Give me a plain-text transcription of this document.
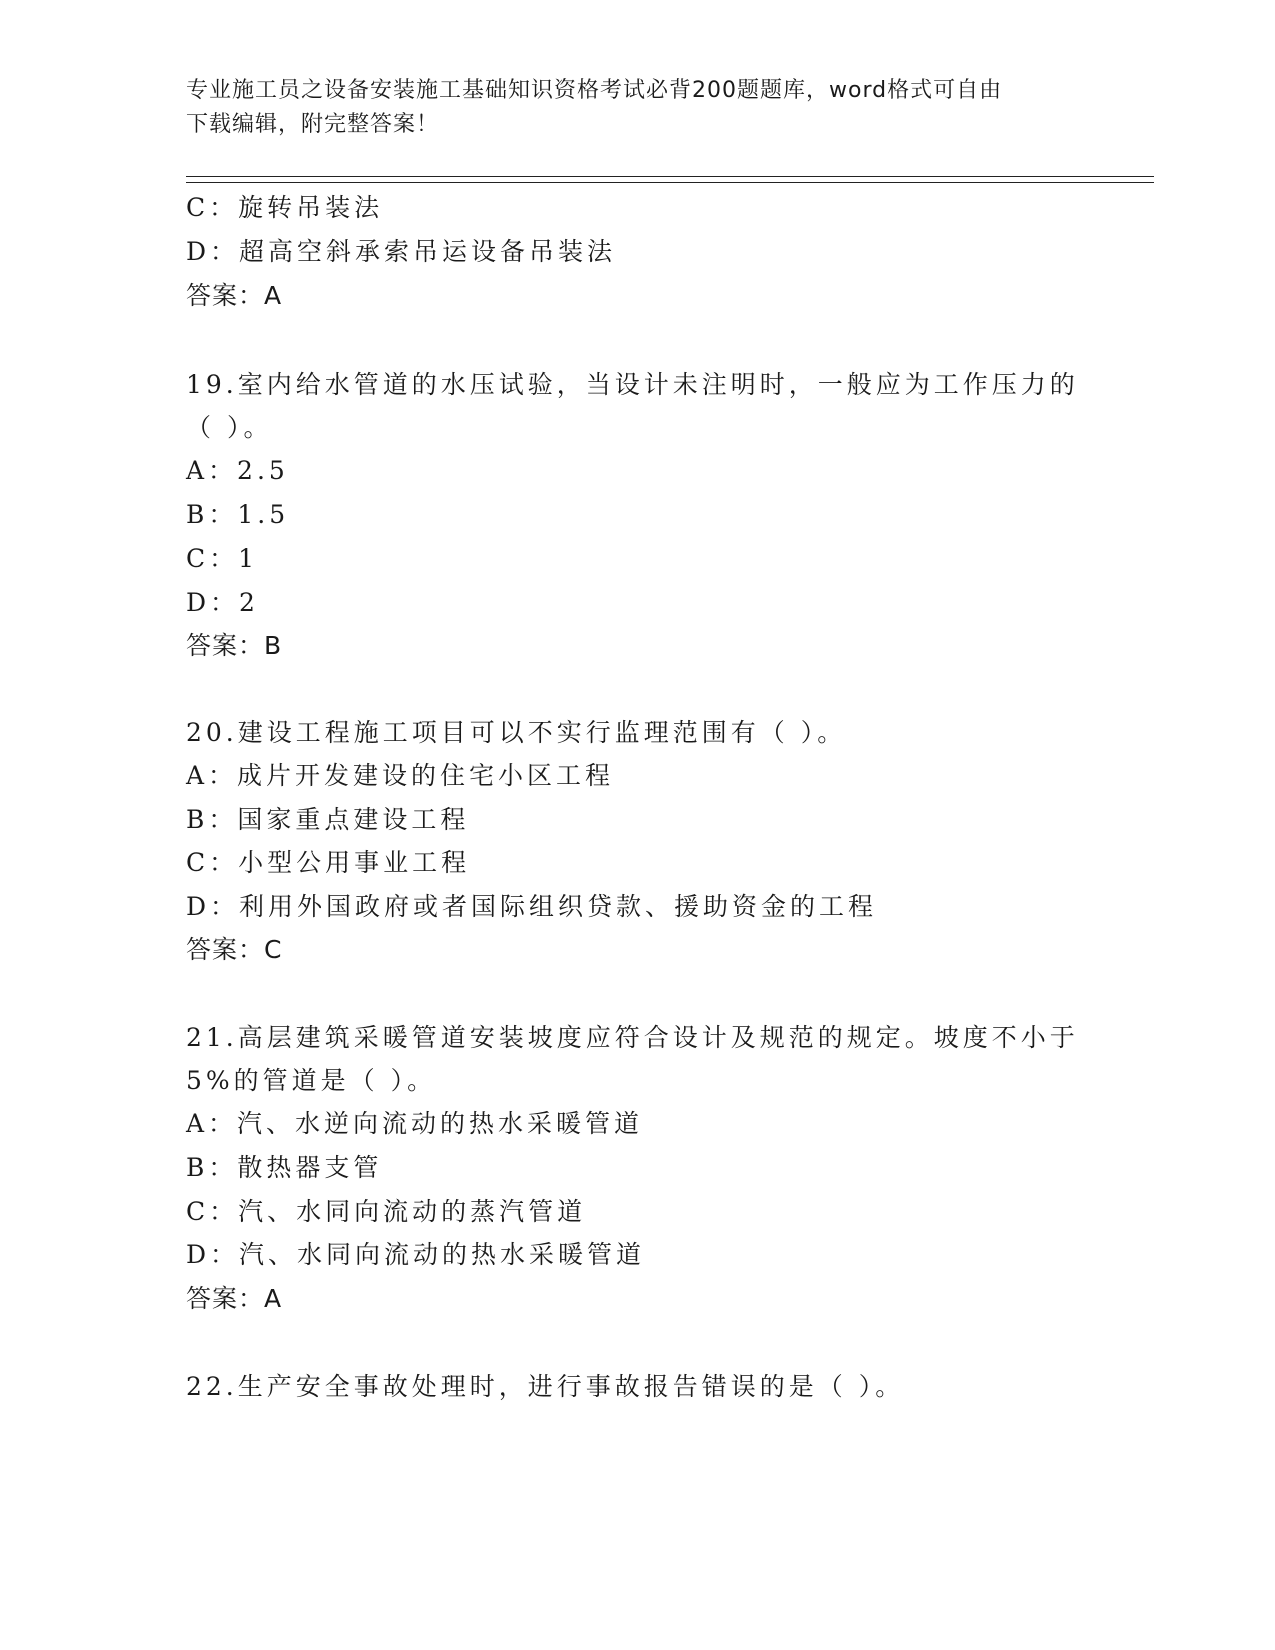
专业施工员之设备安装施工基础知识资格考试必背200题题库，word格式可自由
下载编辑，附完整答案！
C：旋转吊装法
D：超高空斜承索吊运设备吊装法
答案：A
19.室内给水管道的水压试验，当设计未注明时，一般应为工作压力的
（ ）。
A：2.5
B：1.5
C：1
D：2
答案：B
20.建设工程施工项目可以不实行监理范围有（ ）。
A：成片开发建设的住宅小区工程
B：国家重点建设工程
C：小型公用事业工程
D：利用外国政府或者国际组织贷款、援助资金的工程
答案：C
21.高层建筑采暖管道安装坡度应符合设计及规范的规定。坡度不小于
5%的管道是（ ）。
A：汽、水逆向流动的热水采暖管道
B：散热器支管
C：汽、水同向流动的蒸汽管道
D：汽、水同向流动的热水采暖管道
答案：A
22.生产安全事故处理时，进行事故报告错误的是（ ）。
